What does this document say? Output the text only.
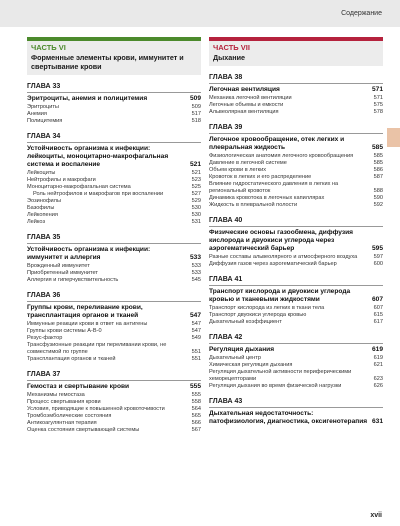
Содержание
ЧАСТЬ VI
Форменные элементы крови, иммунитет и свертывание крови
ГЛАВА 33
Эритроциты, анемия и полицитемия	509
Эритроциты	509
Анемия	517
Полицитемия	518
ГЛАВА 34
Устойчивость организма к инфекции: лейкоциты, моноцитарно-макрофагальная система и воспаление	521
Лейкоциты	521
Нейтрофилы и макрофаги	523
Моноцитарно-макрофагальная система	525
Роль нейтрофилов и макрофагов при воспалении	527
Эозинофилы	529
Базофилы	530
Лейкопения	530
Лейкоз	531
ГЛАВА 35
Устойчивость организма к инфекции: иммунитет и аллергия	533
Врожденный иммунитет	533
Приобретенный иммунитет	533
Аллергия и гиперчувствительность	545
ГЛАВА 36
Группы крови, переливание крови, трансплантация органов и тканей	547
Иммунные реакции крови в ответ на антигены	547
Группы крови системы А-В-0	547
Резус-фактор	549
Трансфузионные реакции при переливании крови, не совместимой по группе	551
Трансплантация органов и тканей	551
ГЛАВА 37
Гемостаз и свертывание крови	555
Механизмы гемостаза	555
Процесс свертывания крови	558
Условия, приводящие к повышенной кровоточивости	564
Тромбоэмболические состояния	565
Антикоагулянтная терапия	566
Оценка состояния свертывающей системы	567
ЧАСТЬ VII
Дыхание
ГЛАВА 38
Легочная вентиляция	571
Механика легочной вентиляции	571
Легочные объемы и емкости	575
Альвеолярная вентиляция	578
ГЛАВА 39
Легочное кровообращение, отек легких и плевральная жидкость	585
Физиологическая анатомия легочного кровообращения	585
Давление в легочной системе	585
Объем крови в легких	586
Кровоток в легких и его распределение	587
Влияние гидростатического давления в легких на региональный кровоток	588
Динамика кровотока в легочных капиллярах	590
Жидкость в плевральной полости	592
ГЛАВА 40
Физические основы газообмена, диффузия кислорода и двуокиси углерода через аэрогематический барьер	595
Разные составы альвеолярного и атмосферного воздуха	597
Диффузия газов через аэрогематический барьер	600
ГЛАВА 41
Транспорт кислорода и двуокиси углерода кровью и тканевыми жидкостями	607
Транспорт кислорода из легких в ткани тела	607
Транспорт двуокиси углерода кровью	615
Дыхательный коэффициент	617
ГЛАВА 42
Регуляция дыхания	619
Дыхательный центр	619
Химическая регуляция дыхания	621
Регуляция дыхательной активности периферическими хеморецепторами	623
Регуляция дыхания во время физической нагрузки	626
ГЛАВА 43
Дыхательная недостаточность: патофизиология, диагностика, оксигенотерапия 631
xvii
